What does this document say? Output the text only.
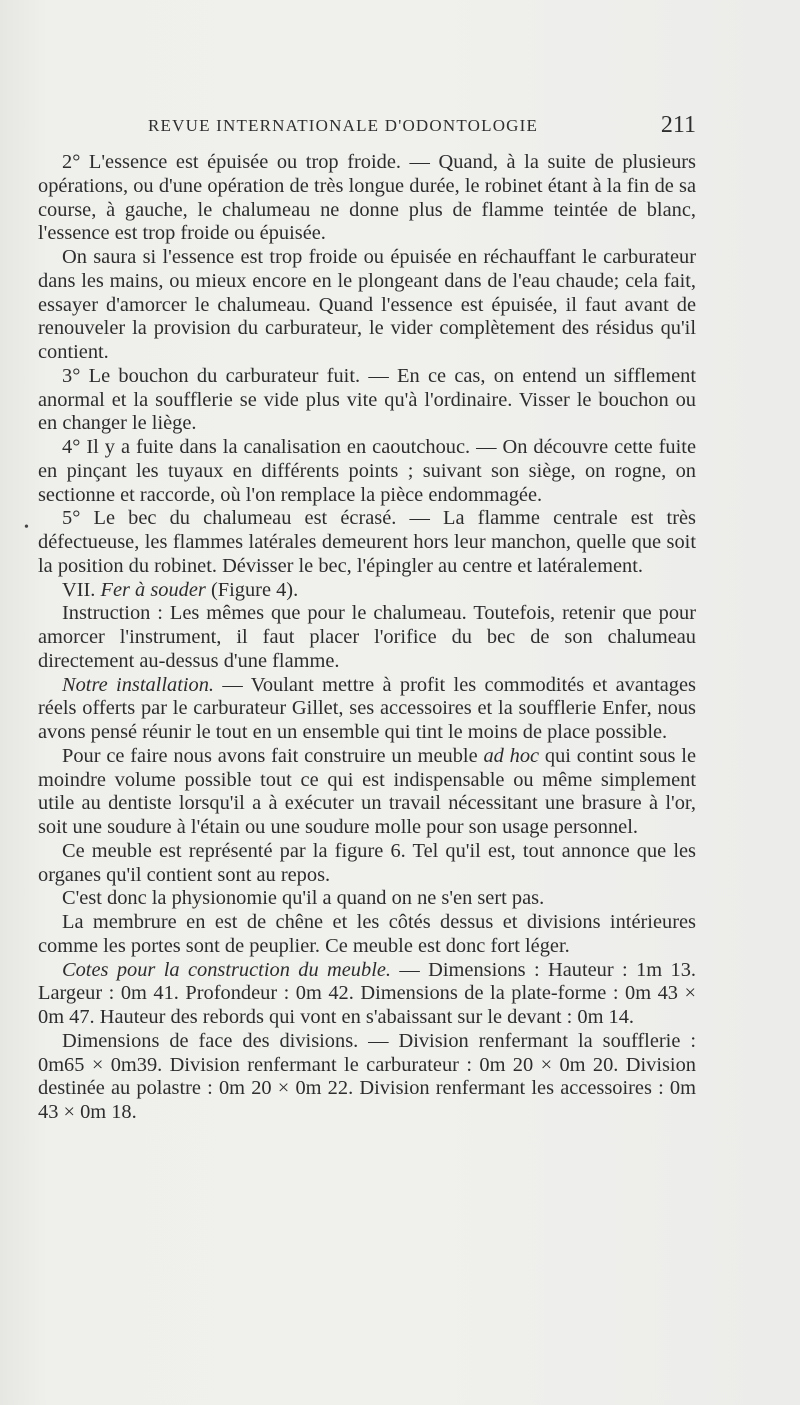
REVUE INTERNATIONALE D'ODONTOLOGIE	211
•

2° L'essence est épuisée ou trop froide. — Quand, à la suite de plusieurs opérations, ou d'une opération de très longue durée, le robinet étant à la fin de sa course, à gauche, le chalumeau ne donne plus de flamme teintée de blanc, l'essence est trop froide ou épuisée.

On saura si l'essence est trop froide ou épuisée en réchauffant le carburateur dans les mains, ou mieux encore en le plongeant dans de l'eau chaude; cela fait, essayer d'amorcer le chalumeau. Quand l'essence est épuisée, il faut avant de renouveler la provision du carburateur, le vider complètement des résidus qu'il contient.

3° Le bouchon du carburateur fuit. — En ce cas, on entend un sifflement anormal et la soufflerie se vide plus vite qu'à l'ordinaire. Visser le bouchon ou en changer le liège.

4° Il y a fuite dans la canalisation en caoutchouc. — On découvre cette fuite en pinçant les tuyaux en différents points ; suivant son siège, on rogne, on sectionne et raccorde, où l'on remplace la pièce endommagée.

5° Le bec du chalumeau est écrasé. — La flamme centrale est très défectueuse, les flammes latérales demeurent hors leur manchon, quelle que soit la position du robinet. Dévisser le bec, l'épingler au centre et latéralement.

VII. Fer à souder (Figure 4).

Instruction : Les mêmes que pour le chalumeau. Toutefois, retenir que pour amorcer l'instrument, il faut placer l'orifice du bec de son chalumeau directement au-dessus d'une flamme.

Notre installation. — Voulant mettre à profit les commodités et avantages réels offerts par le carburateur Gillet, ses accessoires et la soufflerie Enfer, nous avons pensé réunir le tout en un ensemble qui tint le moins de place possible.

Pour ce faire nous avons fait construire un meuble ad hoc qui contint sous le moindre volume possible tout ce qui est indispensable ou même simplement utile au dentiste lorsqu'il a à exécuter un travail nécessitant une brasure à l'or, soit une soudure à l'étain ou une soudure molle pour son usage personnel.

Ce meuble est représenté par la figure 6. Tel qu'il est, tout annonce que les organes qu'il contient sont au repos.

C'est donc la physionomie qu'il a quand on ne s'en sert pas.

La membrure en est de chêne et les côtés dessus et divisions intérieures comme les portes sont de peuplier. Ce meuble est donc fort léger.

Cotes pour la construction du meuble. — Dimensions : Hauteur : 1m 13. Largeur : 0m 41. Profondeur : 0m 42. Dimensions de la plate-forme : 0m 43 × 0m 47. Hauteur des rebords qui vont en s'abaissant sur le devant : 0m 14.

Dimensions de face des divisions. — Division renfermant la soufflerie : 0m65 × 0m39. Division renfermant le carburateur : 0m 20 × 0m 20. Division destinée au polastre : 0m 20 × 0m 22. Division renfermant les accessoires : 0m 43 × 0m 18.
